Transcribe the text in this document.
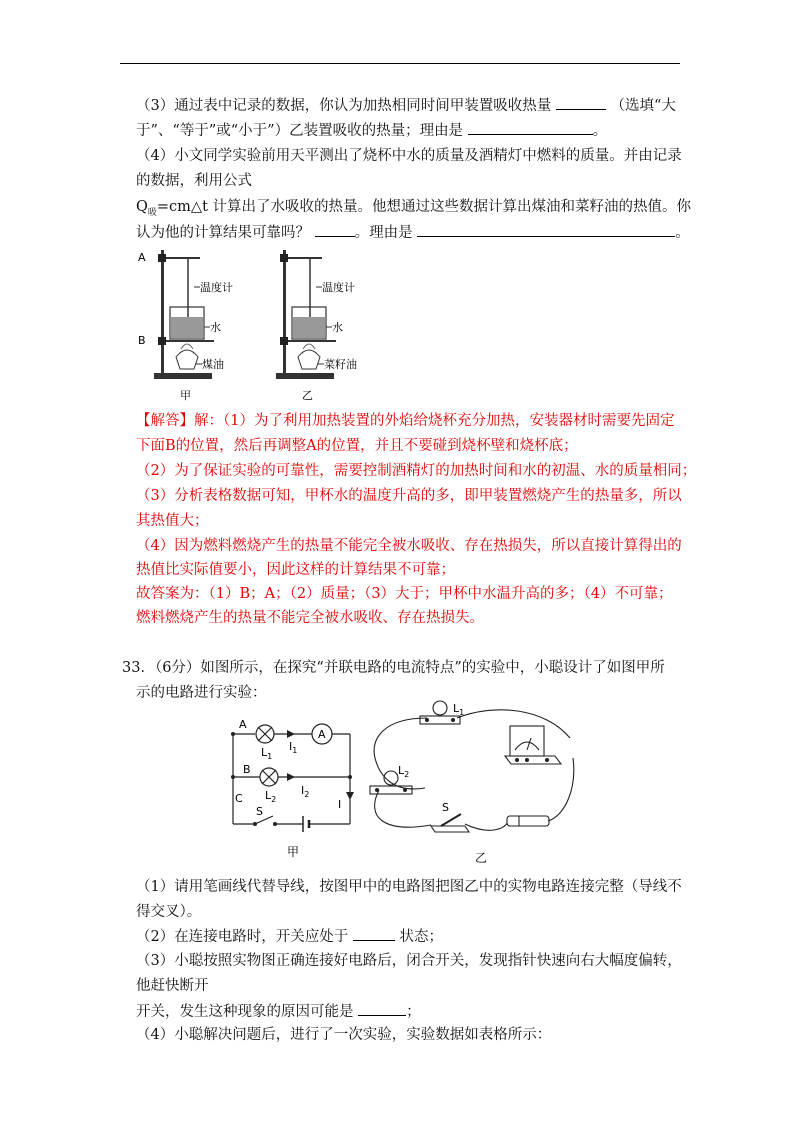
（3）通过表中记录的数据，你认为加热相同时间甲装置吸收热量	（选填“大
于”、“等于”或“小于”）乙装置吸收的热量；理由是	。
（4）小文同学实验前用天平测出了烧杯中水的质量及酒精灯中燃料的质量。并由记录
的数据，利用公式
$Q_吸=cm\triangle t$ 计算出了水吸收的热量。他想通过这些数据计算出煤油和菜籽油的热值。你
认为他的计算结果可靠吗？	。理由是	。
A
B
温度计
水
煤油
甲
温度计
水
菜籽油
乙
【解答】解：（1）为了利用加热装置的外焰给烧杯充分加热，安装器材时需要先固定
下面B的位置，然后再调整A的位置，并且不要碰到烧杯壁和烧杯底；
（2）为了保证实验的可靠性，需要控制酒精灯的加热时间和水的初温、水的质量相同；
（3）分析表格数据可知，甲杯水的温度升高的多，即甲装置燃烧产生的热量多，所以
其热值大；
（4）因为燃料燃烧产生的热量不能完全被水吸收、存在热损失，所以直接计算得出的
热值比实际值要小，因此这样的计算结果不可靠；
故答案为：（1）B；A；（2）质量；（3）大于；甲杯中水温升高的多；（4）不可靠；
燃料燃烧产生的热量不能完全被水吸收、存在热损失。
33．（6分）如图所示，在探究“并联电路的电流特点”的实验中，小聪设计了如图甲所
示的电路进行实验：
A
B
C
$L_1$
A
$I_1$
$L_2$
$I_2$
I
S
甲
$L_1$
$L_2$
S
乙
（1）请用笔画线代替导线，按图甲中的电路图把图乙中的实物电路连接完整（导线不
得交叉）。
（2）在连接电路时，开关应处于	状态；
（3）小聪按照实物图正确连接好电路后，闭合开关，发现指针快速向右大幅度偏转，
他赶快断开
开关，发生这种现象的原因可能是	；
（4）小聪解决问题后，进行了一次实验，实验数据如表格所示：
